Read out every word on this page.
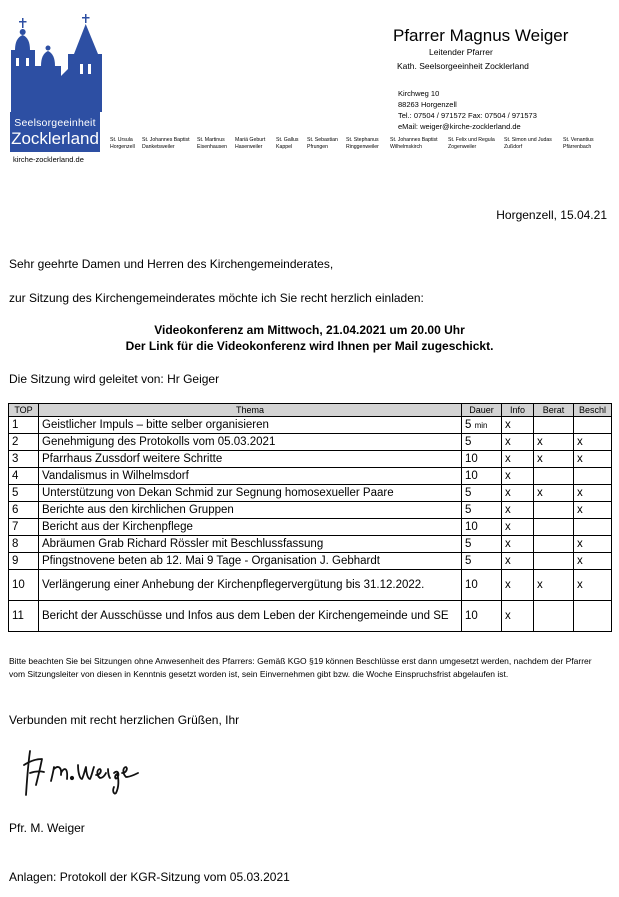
Seelsorgeeinheit
Zocklerland
kirche-zocklerland.de
St. Ursula
Horgenzell
St. Johannes Baptist
Danketsweiler
St. Martinus
Eisenhausen
Mariä Geburt
Haserweiler
St. Gallus
Kappel
St. Sebastian
Pfrungen
St. Stephanus
Ringgenweiler
St. Johannes Baptist
Wilhelmskirch
St. Felix und Regula
Zogenweiler
St. Simon und Judas
Zußdorf
St. Venantius
Pfärrenbach
Pfarrer Magnus Weiger
Leitender Pfarrer
Kath. Seelsorgeeinheit Zocklerland
Kirchweg 10
88263 Horgenzell
Tel.: 07504 / 971572 Fax: 07504 / 971573
eMail: weiger@kirche-zocklerland.de
Horgenzell, 15.04.21
Sehr geehrte Damen und Herren des Kirchengemeinderates,
zur Sitzung des Kirchengemeinderates möchte ich Sie recht herzlich einladen:
Videokonferenz am Mittwoch, 21.04.2021 um 20.00 Uhr
Der Link für die Videokonferenz wird Ihnen per Mail zugeschickt.
Die Sitzung wird geleitet von: Hr Geiger
TOP	Thema	Dauer	Info	Berat	Beschl
1	Geistlicher Impuls – bitte selber organisieren	5 min	x		
2	Genehmigung des Protokolls vom 05.03.2021	5	x	x	x
3	Pfarrhaus Zussdorf weitere Schritte	10	x	x	x
4	Vandalismus in Wilhelmsdorf	10	x		
5	Unterstützung von Dekan Schmid zur Segnung homosexueller Paare	5	x	x	x
6	Berichte aus den kirchlichen Gruppen	5	x		x
7	Bericht aus der Kirchenpflege	10	x		
8	Abräumen Grab Richard Rössler mit Beschlussfassung	5	x		x
9	Pfingstnovene beten ab 12. Mai 9 Tage - Organisation J. Gebhardt	5	x		x
10	Verlängerung einer Anhebung der Kirchenpflegervergütung bis 31.12.2022.	10	x	x	x
11	Bericht der Ausschüsse und Infos aus dem Leben der Kirchengemeinde und SE	10	x		
Bitte beachten Sie bei Sitzungen ohne Anwesenheit des Pfarrers: Gemäß KGO §19 können Beschlüsse erst dann umgesetzt werden, nachdem der Pfarrer vom Sitzungsleiter von diesen in Kenntnis gesetzt worden ist, sein Einvernehmen gibt bzw. die Woche Einspruchsfrist abgelaufen ist.
Verbunden mit recht herzlichen Grüßen, Ihr
Pfr. M. Weiger
Anlagen: Protokoll der KGR-Sitzung vom 05.03.2021
